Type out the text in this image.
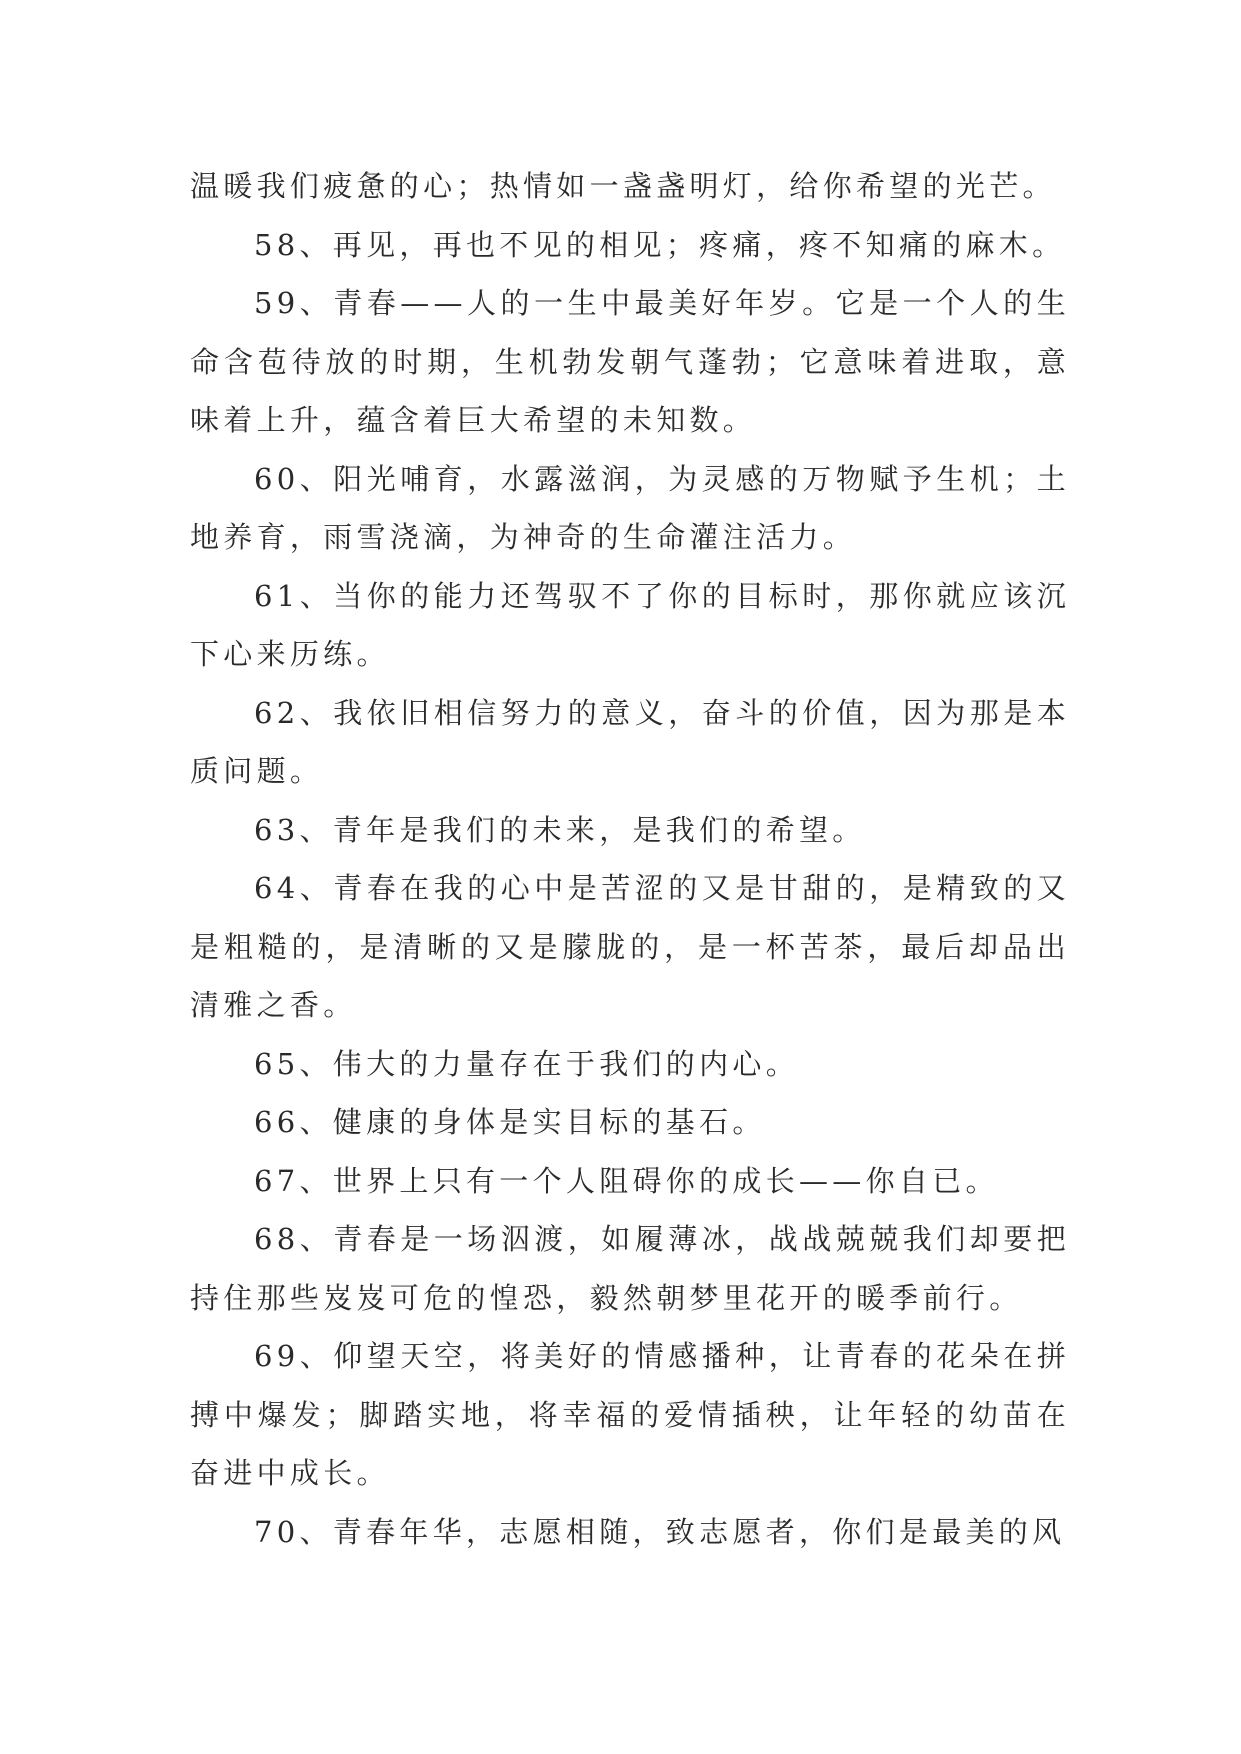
温暖我们疲惫的心；热情如一盏盏明灯，给你希望的光芒。

58、再见，再也不见的相见；疼痛，疼不知痛的麻木。

59、青春——人的一生中最美好年岁。它是一个人的生命含苞待放的时期，生机勃发朝气蓬勃；它意味着进取，意味着上升，蕴含着巨大希望的未知数。

60、阳光哺育，水露滋润，为灵感的万物赋予生机；土地养育，雨雪浇滴，为神奇的生命灌注活力。

61、当你的能力还驾驭不了你的目标时，那你就应该沉下心来历练。

62、我依旧相信努力的意义，奋斗的价值，因为那是本质问题。

63、青年是我们的未来，是我们的希望。

64、青春在我的心中是苦涩的又是甘甜的，是精致的又是粗糙的，是清晰的又是朦胧的，是一杯苦茶，最后却品出清雅之香。

65、伟大的力量存在于我们的内心。

66、健康的身体是实目标的基石。

67、世界上只有一个人阻碍你的成长——你自已。

68、青春是一场泅渡，如履薄冰，战战兢兢我们却要把持住那些岌岌可危的惶恐，毅然朝梦里花开的暖季前行。

69、仰望天空，将美好的情感播种，让青春的花朵在拼搏中爆发；脚踏实地，将幸福的爱情插秧，让年轻的幼苗在奋进中成长。

70、青春年华，志愿相随，致志愿者，你们是最美的风
